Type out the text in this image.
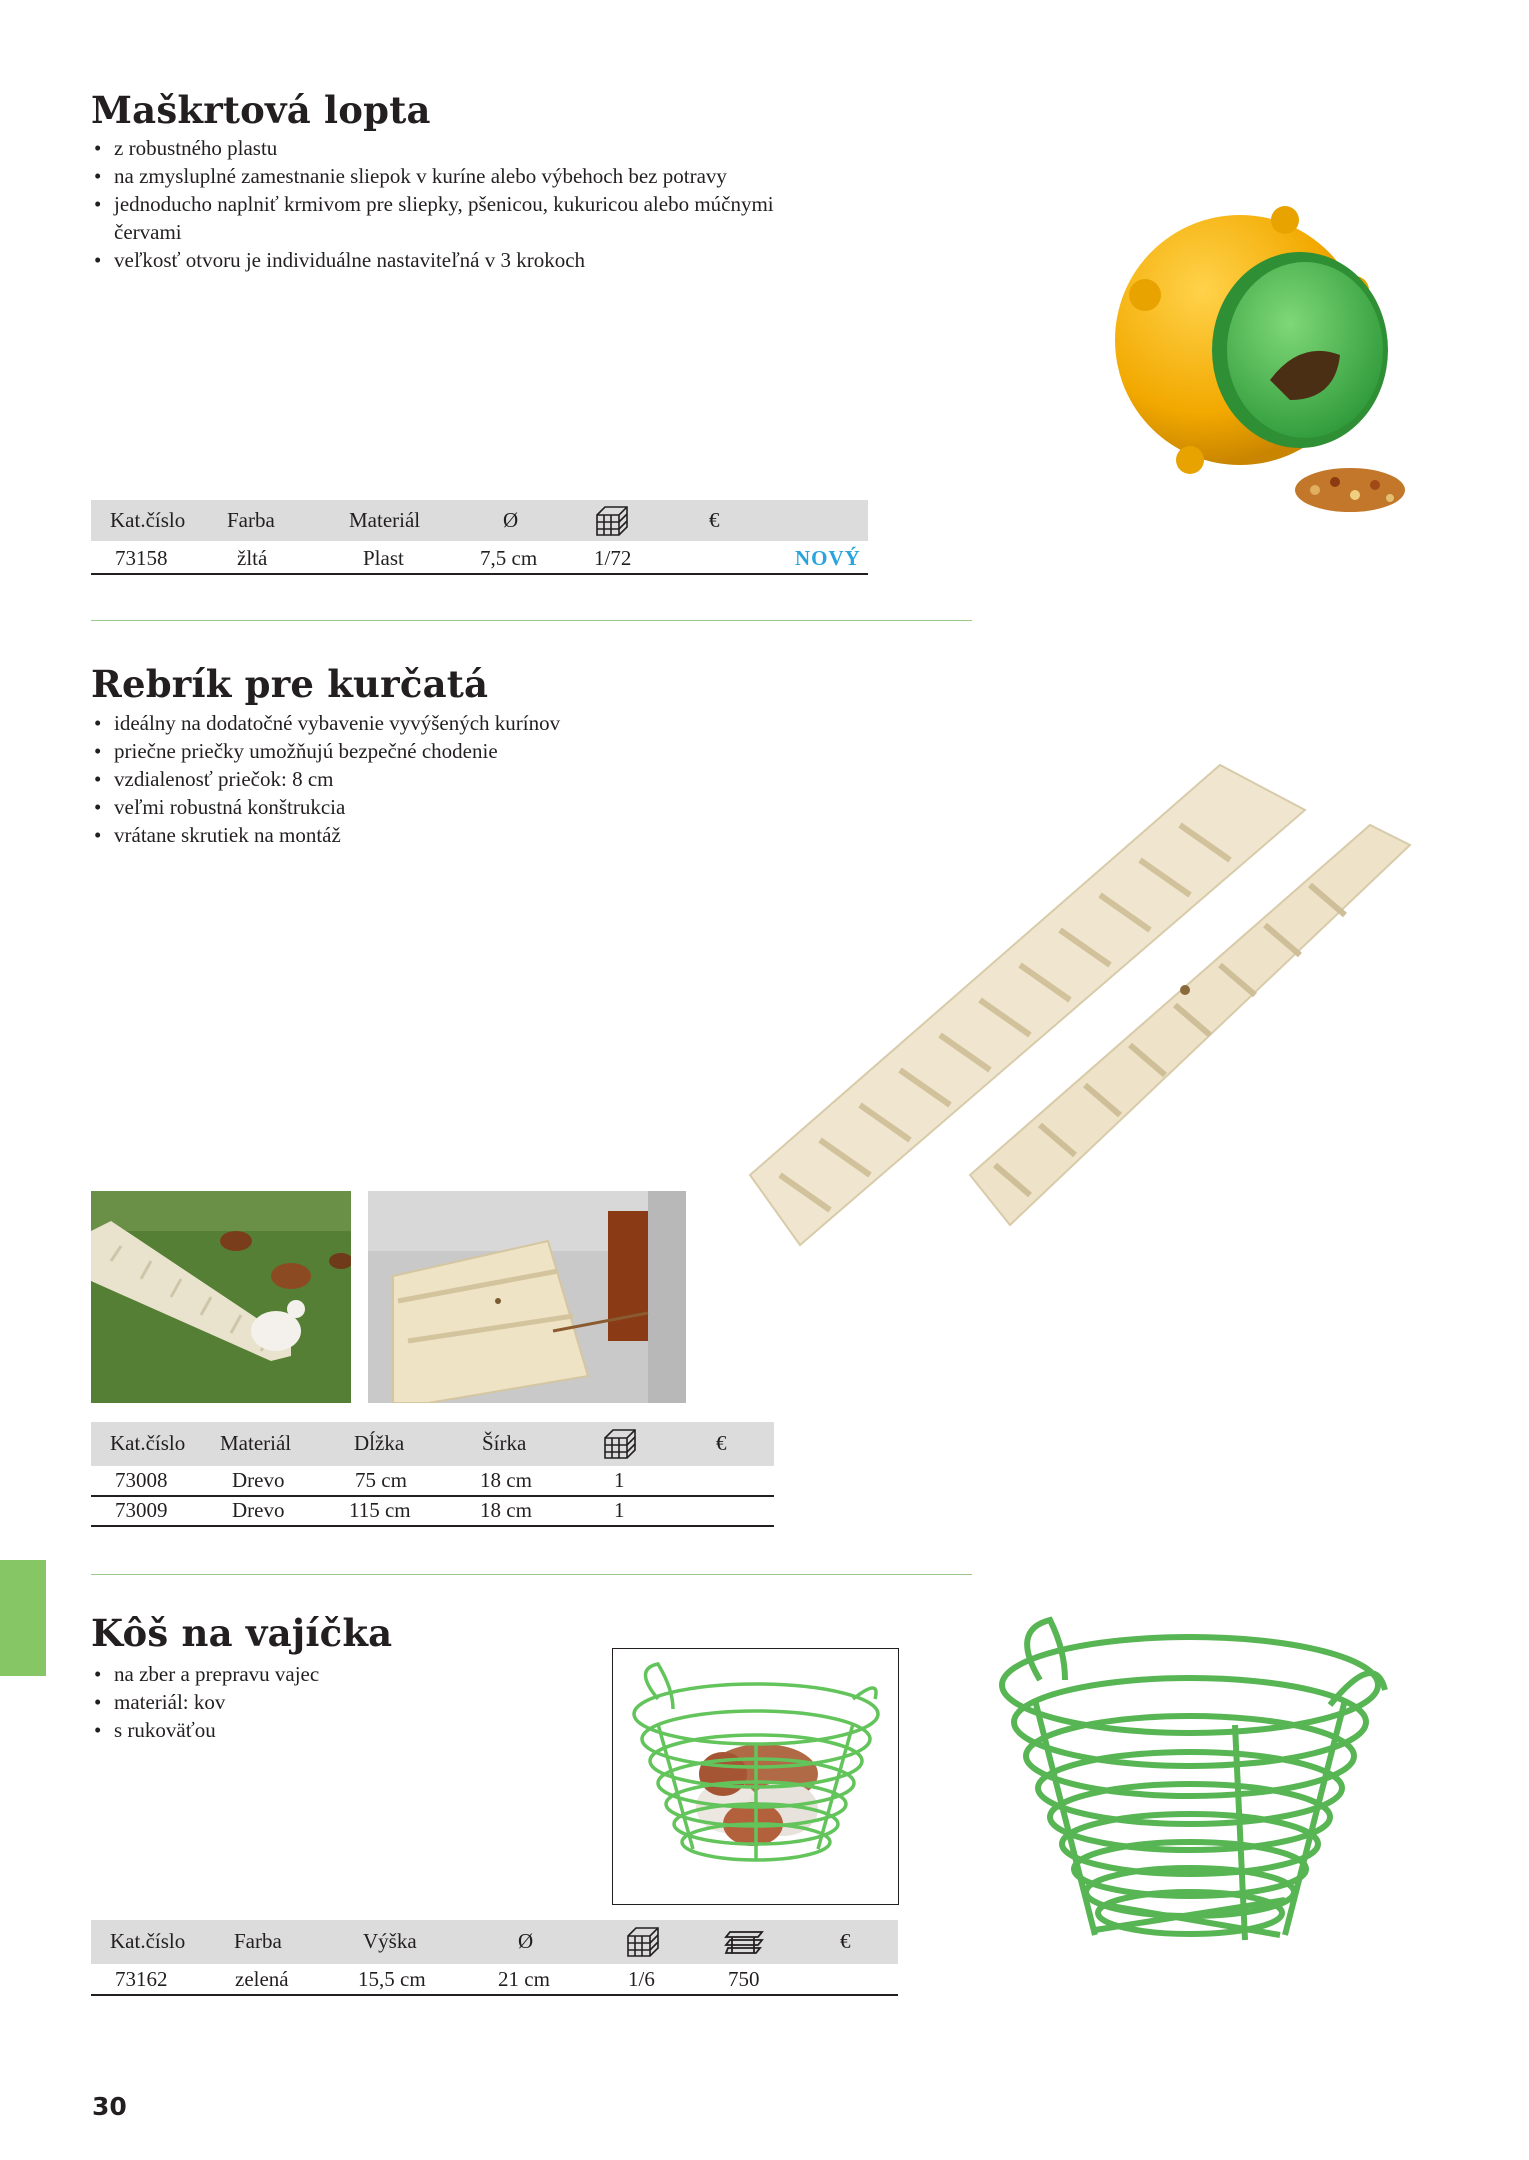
Maškrtová lopta
• z robustného plastu
• na zmysluplné zamestnanie sliepok v kuríne alebo výbehoch bez potravy
• jednoducho naplniť krmivom pre sliepky, pšenicou, kukuricou alebo múčnymi červami
• veľkosť otvoru je individuálne nastaviteľná v 3 krokoch
Kat.číslo Farba	Materiál	Ø	€
73158	žltá	Plast	7,5 cm	1/72	NOVÝ
Rebrík pre kurčatá
• ideálny na dodatočné vybavenie vyvýšených kurínov
• priečne priečky umožňujú bezpečné chodenie
• vzdialenosť priečok: 8 cm
• veľmi robustná konštrukcia
• vrátane skrutiek na montáž
Kat.číslo Materiál	Dĺžka	Šírka	€
73008	Drevo	75 cm	18 cm	1
73009	Drevo	115 cm	18 cm	1
Kôš na vajíčka
• na zber a prepravu vajec
• materiál: kov
• s rukoväťou
Kat.číslo Farba	Výška	Ø	€
73162	zelená	15,5 cm	21 cm	1/6	750
30
